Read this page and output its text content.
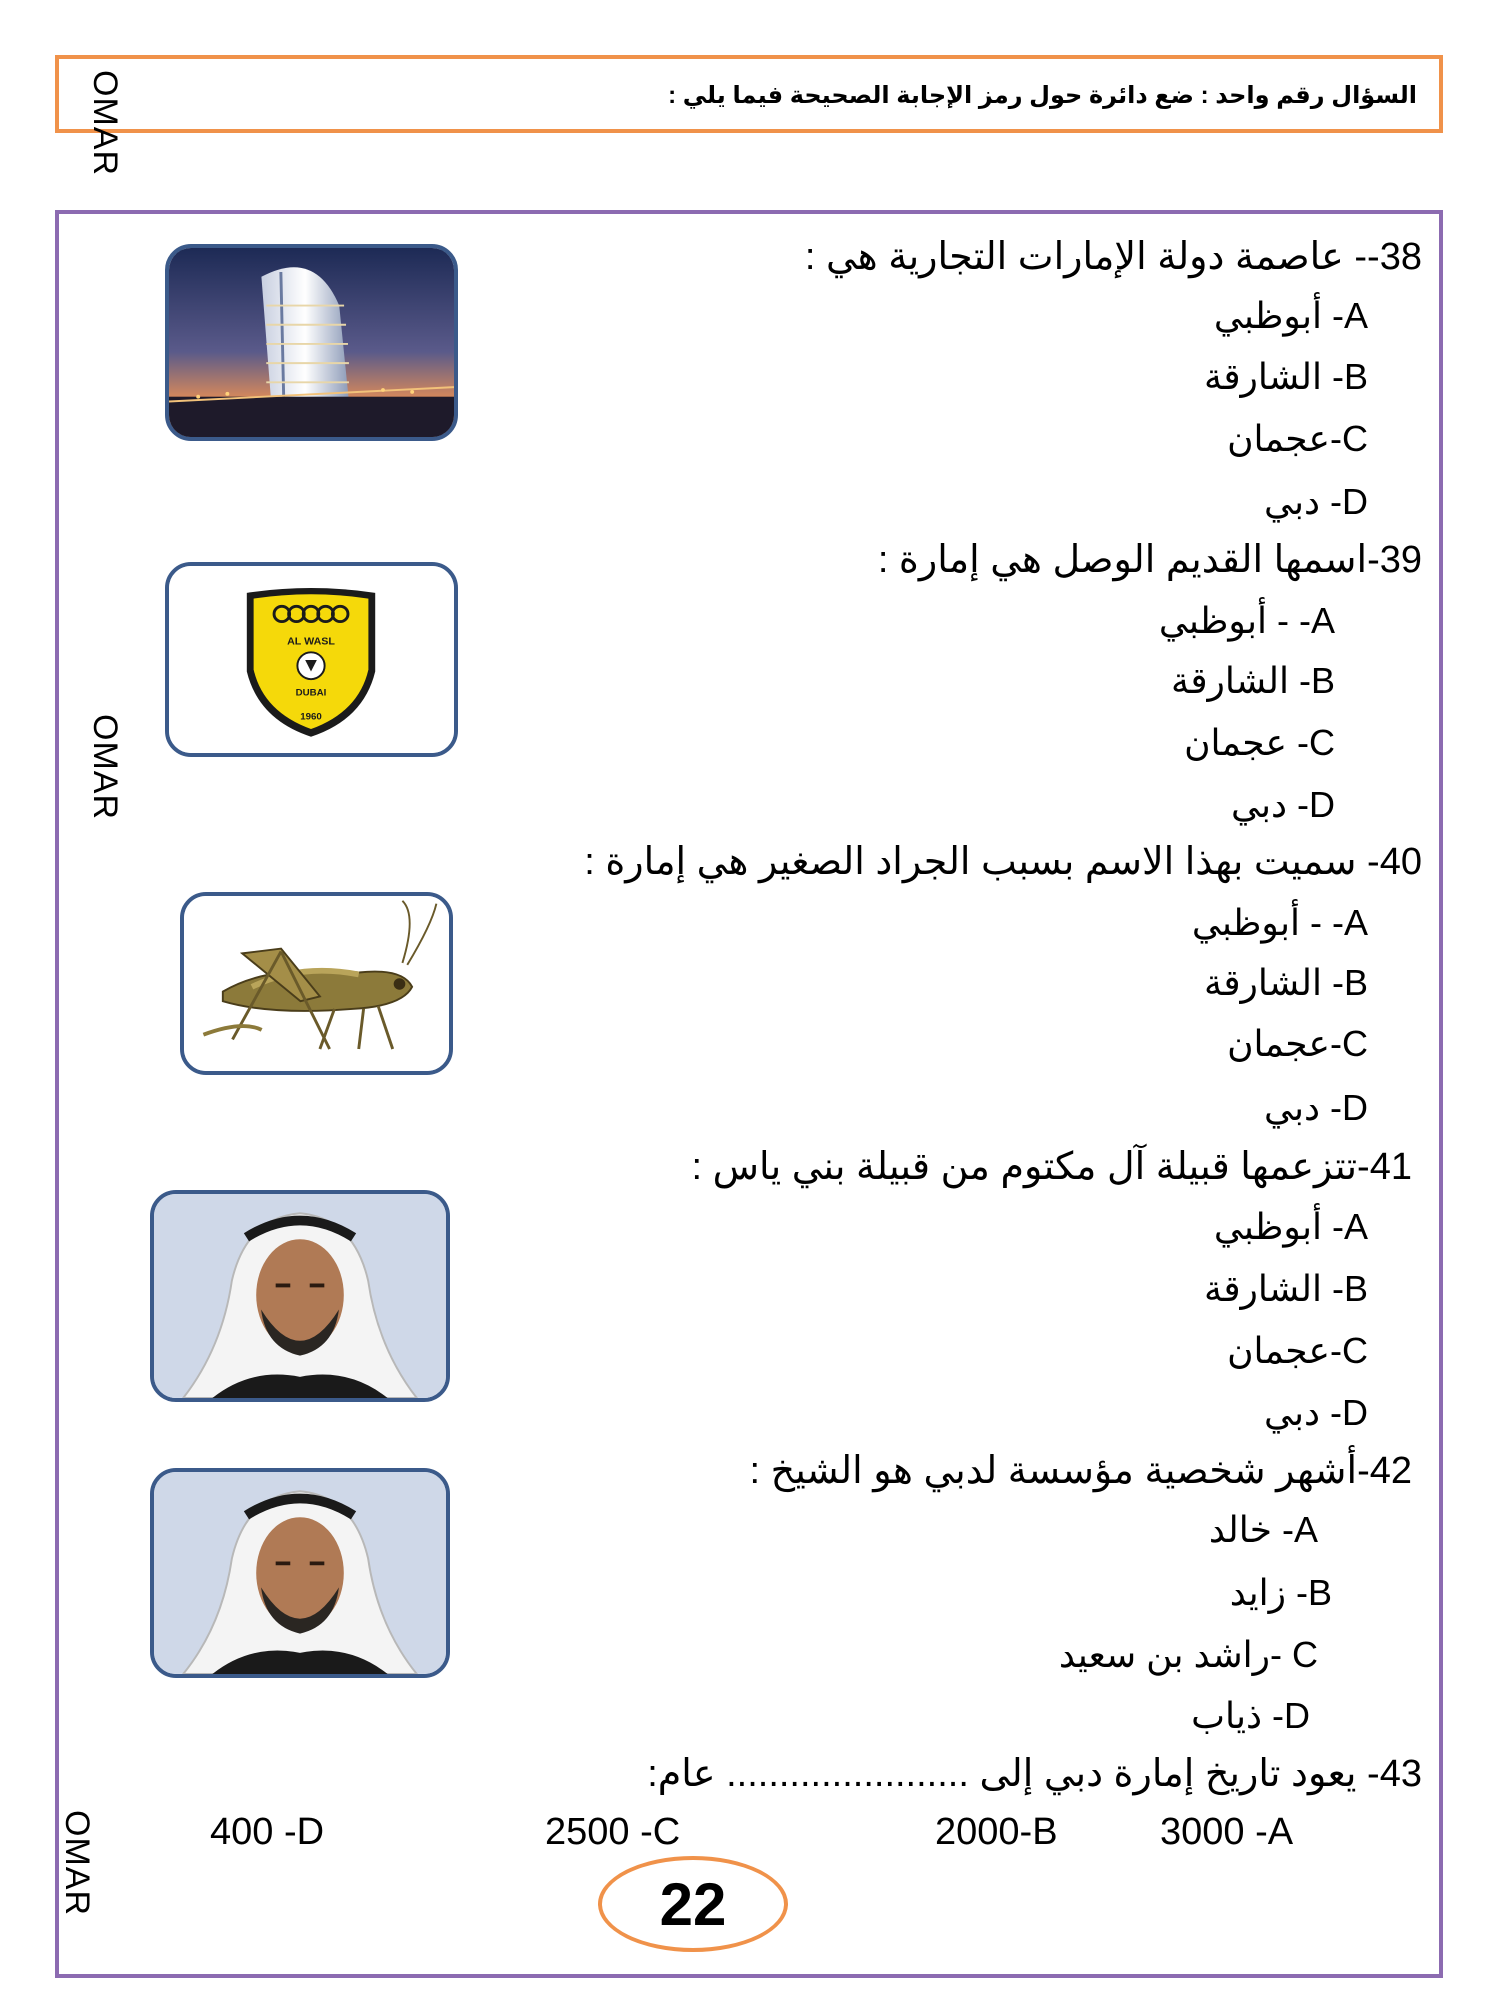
السؤال رقم واحد : ضع دائرة حول رمز الإجابة الصحيحة فيما يلي :
OMAR
OMAR
OMAR
38-- عاصمة دولة الإمارات التجارية هي :
A- أبوظبي
B- الشارقة
C-عجمان
D- دبي
39-اسمها القديم الوصل هي إمارة :
A- - أبوظبي
B- الشارقة
C- عجمان
D- دبي
40- سميت بهذا الاسم بسبب الجراد الصغير هي إمارة :
A- - أبوظبي
B- الشارقة
C-عجمان
D- دبي
41-تتزعمها قبيلة آل مكتوم من قبيلة بني ياس :
A- أبوظبي
B- الشارقة
C-عجمان
D- دبي
42-أشهر شخصية مؤسسة لدبي هو الشيخ :
A- خالد
B- زايد
C -راشد بن سعيد
D- ذياب
43- يعود تاريخ إمارة دبي إلى ....................... عام:
3000 -A
2000-B
2500 -C
400 -D
AL WASL
DUBAI
1960
22
